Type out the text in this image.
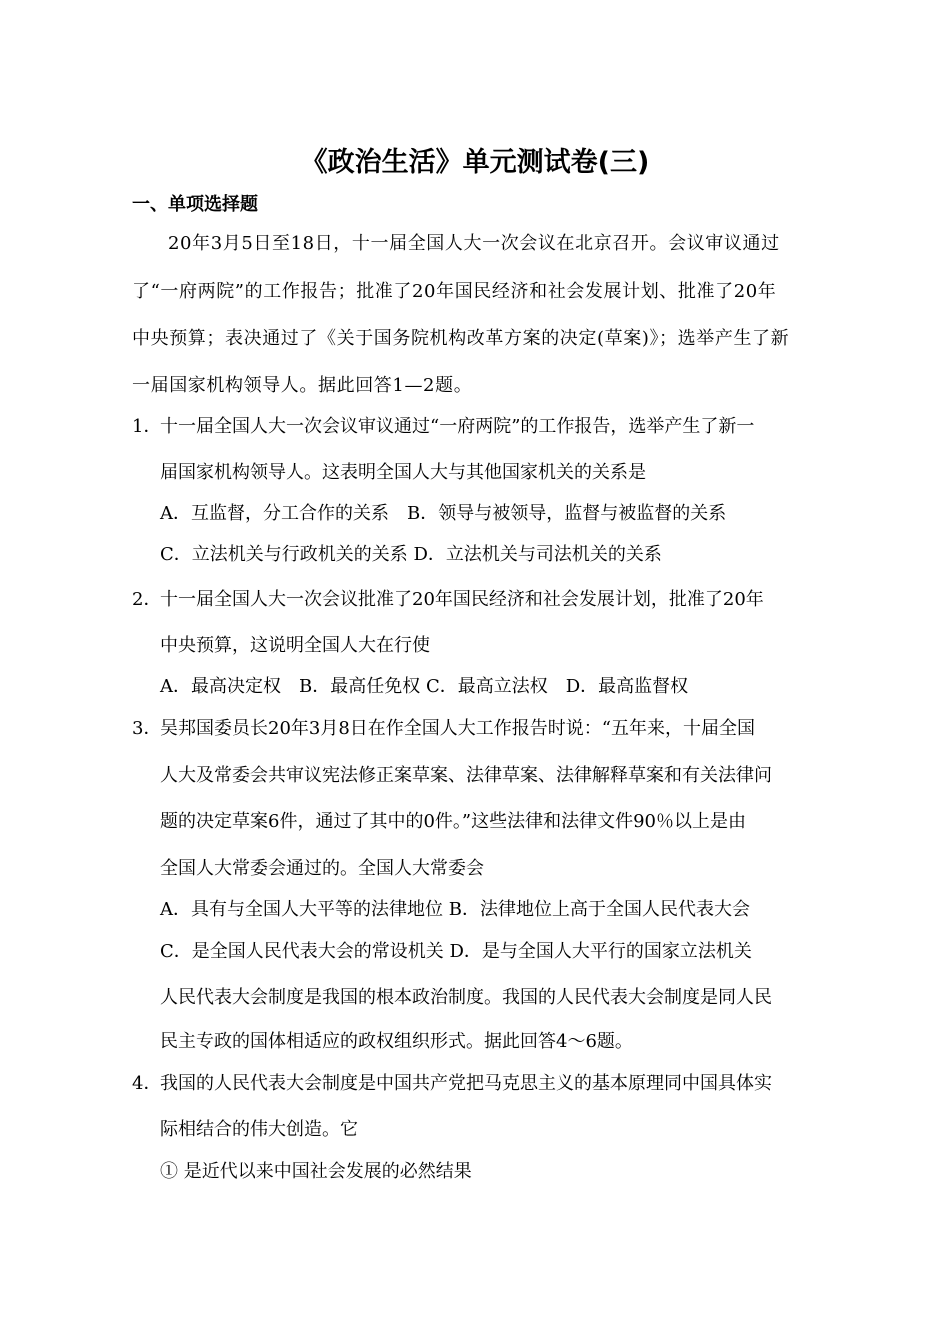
《政治生活》单元测试卷(三)
一、单项选择题
20年3月5日至18日，十一届全国人大一次会议在北京召开。会议审议通过
了“一府两院”的工作报告；批准了20年国民经济和社会发展计划、批准了20年
中央预算；表决通过了《关于国务院机构改革方案的决定(草案)》；选举产生了新
一届国家机构领导人。据此回答1—2题。
1．
十一届全国人大一次会议审议通过“一府两院”的工作报告，选举产生了新一
届国家机构领导人。这表明全国人大与其他国家机关的关系是
A．互监督，分工合作的关系　B．领导与被领导，监督与被监督的关系
C．立法机关与行政机关的关系 D．立法机关与司法机关的关系
2．
十一届全国人大一次会议批准了20年国民经济和社会发展计划，批准了20年
中央预算，这说明全国人大在行使
A．最高决定权　B．最高任免权 C．最高立法权　D．最高监督权
3．
吴邦国委员长20年3月8日在作全国人大工作报告时说：“五年来，十届全国
人大及常委会共审议宪法修正案草案、法律草案、法律解释草案和有关法律问
题的决定草案6件，通过了其中的0件。”这些法律和法律文件90％以上是由
全国人大常委会通过的。全国人大常委会
A．具有与全国人大平等的法律地位 B．法律地位上高于全国人民代表大会
C．是全国人民代表大会的常设机关 D．是与全国人大平行的国家立法机关
人民代表大会制度是我国的根本政治制度。我国的人民代表大会制度是同人民
民主专政的国体相适应的政权组织形式。据此回答4～6题。
4．
我国的人民代表大会制度是中国共产党把马克思主义的基本原理同中国具体实
际相结合的伟大创造。它
① 是近代以来中国社会发展的必然结果
